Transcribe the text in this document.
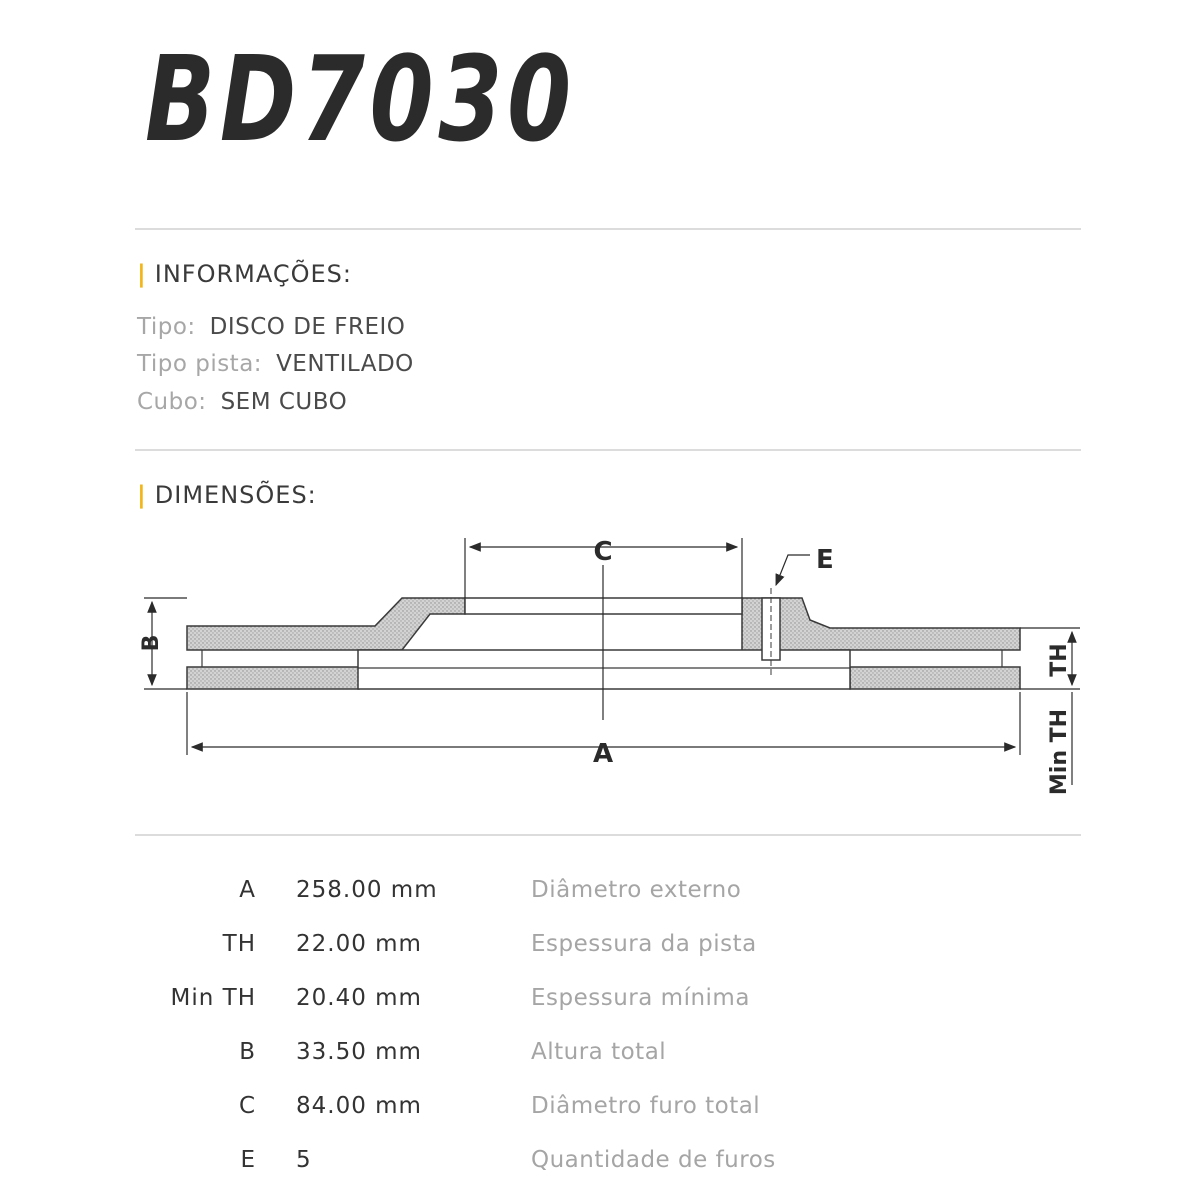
BD7030
| INFORMAÇÕES:
Tipo: DISCO DE FREIO
Tipo pista: VENTILADO
Cubo: SEM CUBO
| DIMENSÕES:
C	E
A
B
TH
Min TH
A 258.00 mm	Diâmetro externo
TH 22.00 mm	Espessura da pista
Min TH 20.40 mm	Espessura mínima
B 33.50 mm	Altura total
C 84.00 mm	Diâmetro furo total
E 5	Quantidade de furos
